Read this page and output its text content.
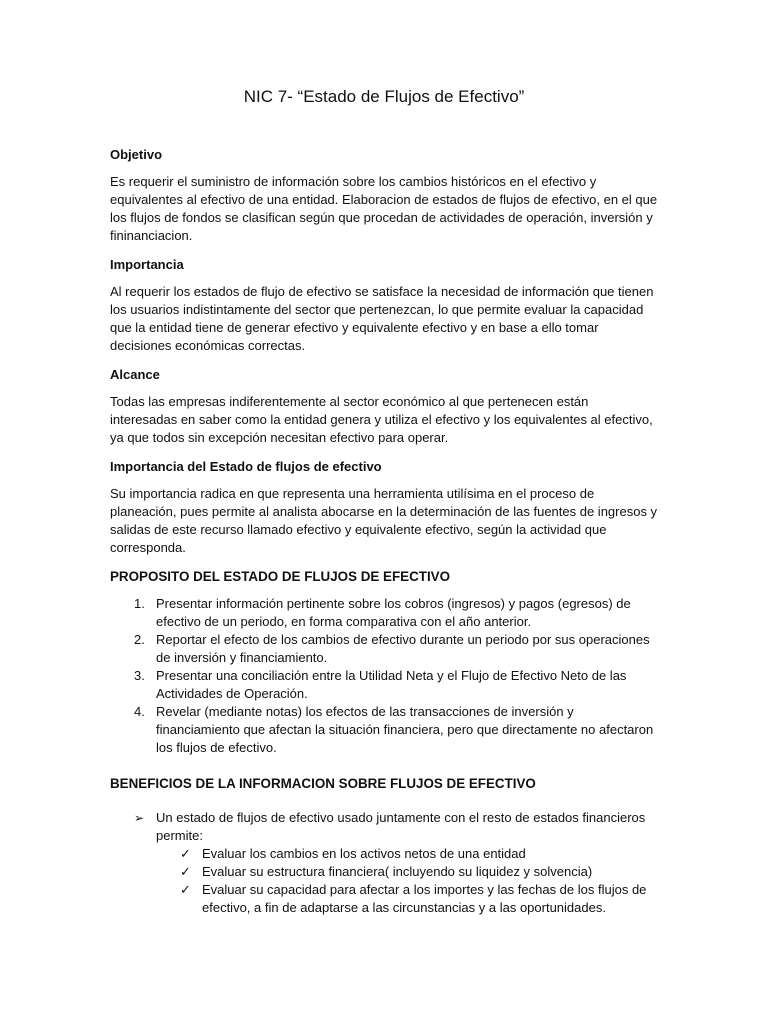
NIC 7- “Estado de Flujos de Efectivo”
Objetivo

Es requerir el suministro de información sobre los cambios históricos en el efectivo y equivalentes al efectivo de una entidad. Elaboracion de estados de flujos de efectivo, en el que los flujos de fondos se clasifican según que procedan de actividades de operación, inversión y fininanciacion.

Importancia

Al requerir los estados de flujo de efectivo se satisface la necesidad de información que tienen los usuarios indistintamente del sector que pertenezcan, lo que permite evaluar la capacidad que la entidad tiene de generar efectivo y equivalente efectivo y en base a ello tomar decisiones económicas correctas.

Alcance

Todas las empresas indiferentemente al sector económico al que pertenecen están interesadas en saber como la entidad genera y utiliza el efectivo y los equivalentes al efectivo, ya que todos sin excepción necesitan efectivo para operar.

Importancia del Estado de flujos de efectivo

Su importancia radica en que representa una herramienta utilísima en el proceso de planeación, pues permite al analista abocarse en la determinación de las fuentes de ingresos y salidas de este recurso llamado efectivo y equivalente efectivo, según la actividad que corresponda.

PROPOSITO DEL ESTADO DE FLUJOS DE EFECTIVO
1. Presentar información pertinente sobre los cobros (ingresos) y pagos (egresos) de efectivo de un periodo, en forma comparativa con el año anterior.
2. Reportar el efecto de los cambios de efectivo durante un periodo por sus operaciones de inversión y financiamiento.
3. Presentar una conciliación entre la Utilidad Neta y el Flujo de Efectivo Neto de las Actividades de Operación.
4. Revelar (mediante notas) los efectos de las transacciones de inversión y financiamiento que afectan la situación financiera, pero que directamente no afectaron los flujos de efectivo.
BENEFICIOS DE LA INFORMACION SOBRE FLUJOS DE EFECTIVO
➢ Un estado de flujos de efectivo usado juntamente con el resto de estados financieros permite:
✓ Evaluar los cambios en los activos netos de una entidad
✓ Evaluar su estructura financiera( incluyendo su liquidez y solvencia)
✓ Evaluar su capacidad para afectar a los importes y las fechas de los flujos de efectivo, a fin de adaptarse a las circunstancias y a las oportunidades.
